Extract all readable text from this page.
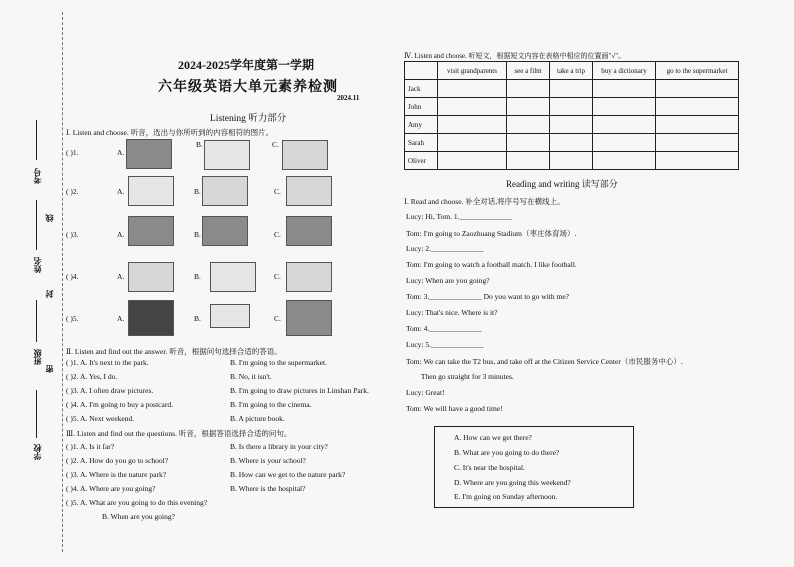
考号
线
姓名
封
班级
密
学校
2024-2025学年度第一学期
六年级英语大单元素养检测
2024.11
Listening 听力部分
Ⅰ. Listen and choose. 听音，选出与你所听到的内容相符的图片。
( )1.	A.
B.	C.
( )2.	A.	B.	C.
( )3.	A.	B.	C.
( )4.	A.	B.	C.
( )5.	A.	B.	C.
Ⅱ. Listen and find out the answer. 听音，根据问句选择合适的答语。
( )1. A. It's next to the park.	B. I'm going to the supermarket.
( )2. A. Yes, I do.	B. No, it isn't.
( )3. A. I often draw pictures.	B. I'm going to draw pictures in Linshan Park.
( )4. A. I'm going to buy a postcard.	B. I'm going to the cinema.
( )5. A. Next weekend.	B. A picture book.
Ⅲ. Listen and find out the questions. 听音，根据答语选择合适的问句。
( )1. A. Is it far?	B. Is there a library in your city?
( )2. A. How do you go to school?	B. Where is your school?
( )3. A. Where is the nature park?	B. How can we get to the nature park?
( )4. A. Where are you going?	B. Where is the hospital?
( )5. A. What are you going to do this evening?
B. When are you going?
Ⅳ. Listen and choose. 听短文，根据短文内容在表格中相应的位置画"√"。
	visit grandparents	see a film	take a trip	buy a dictionary	go to the supermarket
Jack					
John					
Amy					
Sarah					
Oliver					
Reading and writing 读写部分
Ⅰ. Read and choose. 补全对话,将序号写在横线上。
Lucy: Hi, Tom. 1.______________
Tom: I'm going to Zaozhuang Stadium（枣庄体育场）.
Lucy: 2.______________
Tom: I'm going to watch a football match. I like football.
Lucy: When are you going?
Tom: 3.______________ Do you want to go with me?
Lucy: That's nice. Where is it?
Tom: 4.______________
Lucy: 5.______________
Tom: We can take the T2 bus, and take off at the Citizen Service Center（市民服务中心）.
Then go straight for 3 minutes.
Lucy: Great!
Tom: We will have a good time!
A. How can we get there?
B. What are you going to do there?
C. It's near the hospital.
D. Where are you going this weekend?
E. I'm going on Sunday afternoon.
